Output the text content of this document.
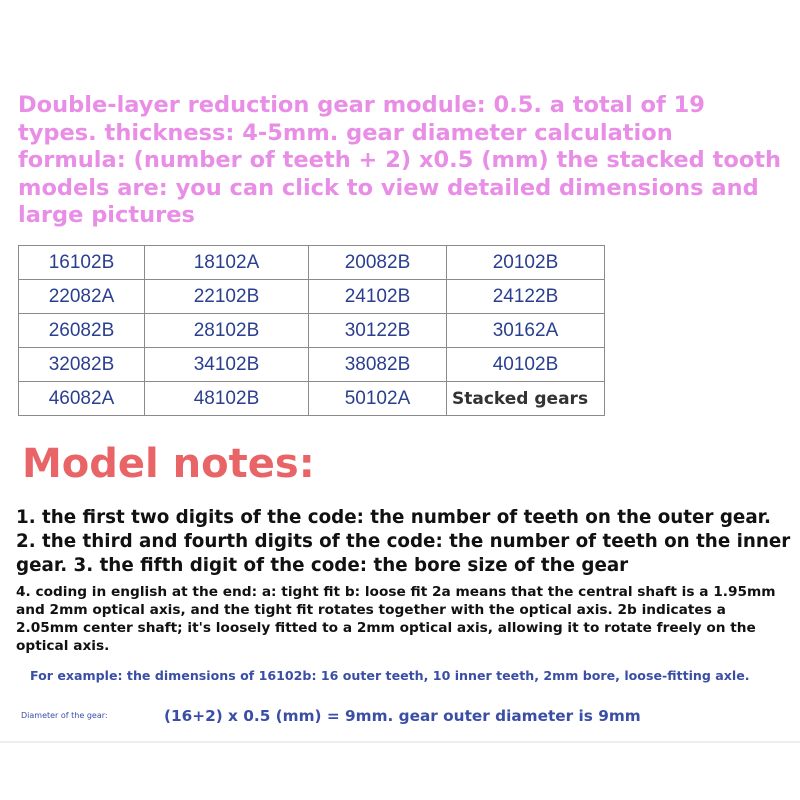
Double-layer reduction gear module: 0.5. a total of 19 types. thickness: 4-5mm. gear diameter calculation formula: (number of teeth + 2) x0.5 (mm) the stacked tooth models are: you can click to view detailed dimensions and large pictures

16102B	18102A	20082B	20102B
22082A	22102B	24102B	24122B
26082B	28102B	30122B	30162A
32082B	34102B	38082B	40102B
46082A	48102B	50102A	Stacked gears
Model notes:

1. the first two digits of the code: the number of teeth on the outer gear. 2. the third and fourth digits of the code: the number of teeth on the inner gear. 3. the fifth digit of the code: the bore size of the gear

4. coding in english at the end: a: tight fit b: loose fit 2a means that the central shaft is a 1.95mm and 2mm optical axis, and the tight fit rotates together with the optical axis. 2b indicates a 2.05mm center shaft; it's loosely fitted to a 2mm optical axis, allowing it to rotate freely on the optical axis.

For example: the dimensions of 16102b: 16 outer teeth, 10 inner teeth, 2mm bore, loose-fitting axle.

Diameter of the gear:	(16+2) x 0.5 (mm) = 9mm. gear outer diameter is 9mm
